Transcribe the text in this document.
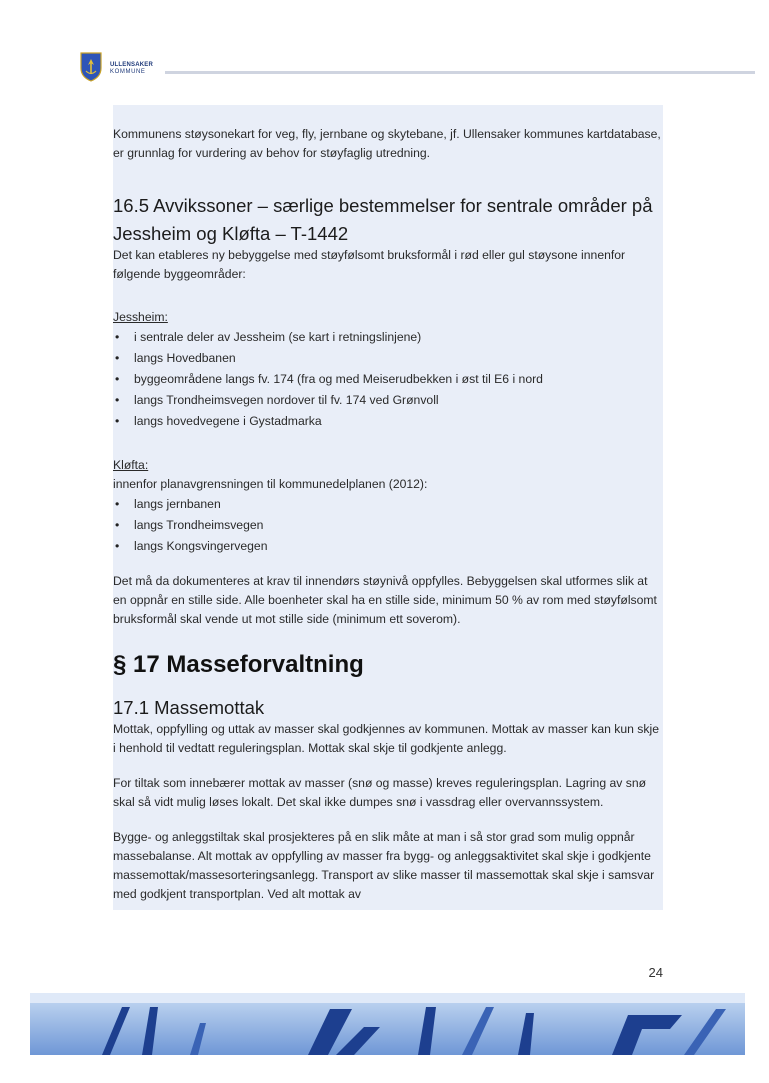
ULLENSAKER
KOMMUNE

Kommunens støysonekart for veg, fly, jernbane og skytebane, jf. Ullensaker kommunes kartdatabase, er grunnlag for vurdering av behov for støyfaglig utredning.

16.5 Avvikssoner – særlige bestemmelser for sentrale områder på
Jessheim og Kløfta – T-1442

Det kan etableres ny bebyggelse med støyfølsomt bruksformål i rød eller gul støysone innenfor følgende byggeområder:

Jessheim:

• i sentrale deler av Jessheim (se kart i retningslinjene)
• langs Hovedbanen
• byggeområdene langs fv. 174 (fra og med Meiserudbekken i øst til E6 i nord
• langs Trondheimsvegen nordover til fv. 174 ved Grønvoll
• langs hovedvegene i Gystadmarka

Kløfta:

innenfor planavgrensningen til kommunedelplanen (2012):

• langs jernbanen
• langs Trondheimsvegen
• langs Kongsvingervegen

Det må da dokumenteres at krav til innendørs støynivå oppfylles. Bebyggelsen skal utformes slik at en oppnår en stille side. Alle boenheter skal ha en stille side, minimum 50 % av rom med støyfølsomt bruksformål skal vende ut mot stille side (minimum ett soverom).

§ 17 Masseforvaltning
17.1 Massemottak

Mottak, oppfylling og uttak av masser skal godkjennes av kommunen. Mottak av masser kan kun skje i henhold til vedtatt reguleringsplan. Mottak skal skje til godkjente anlegg.

For tiltak som innebærer mottak av masser (snø og masse) kreves reguleringsplan. Lagring av snø skal så vidt mulig løses lokalt. Det skal ikke dumpes snø i vassdrag eller overvannssystem.

Bygge- og anleggstiltak skal prosjekteres på en slik måte at man i så stor grad som mulig oppnår massebalanse. Alt mottak av oppfylling av masser fra bygg- og anleggsaktivitet skal skje i godkjente massemottak/massesorteringsanlegg. Transport av slike masser til massemottak skal skje i samsvar med godkjent transportplan. Ved alt mottak av

24
